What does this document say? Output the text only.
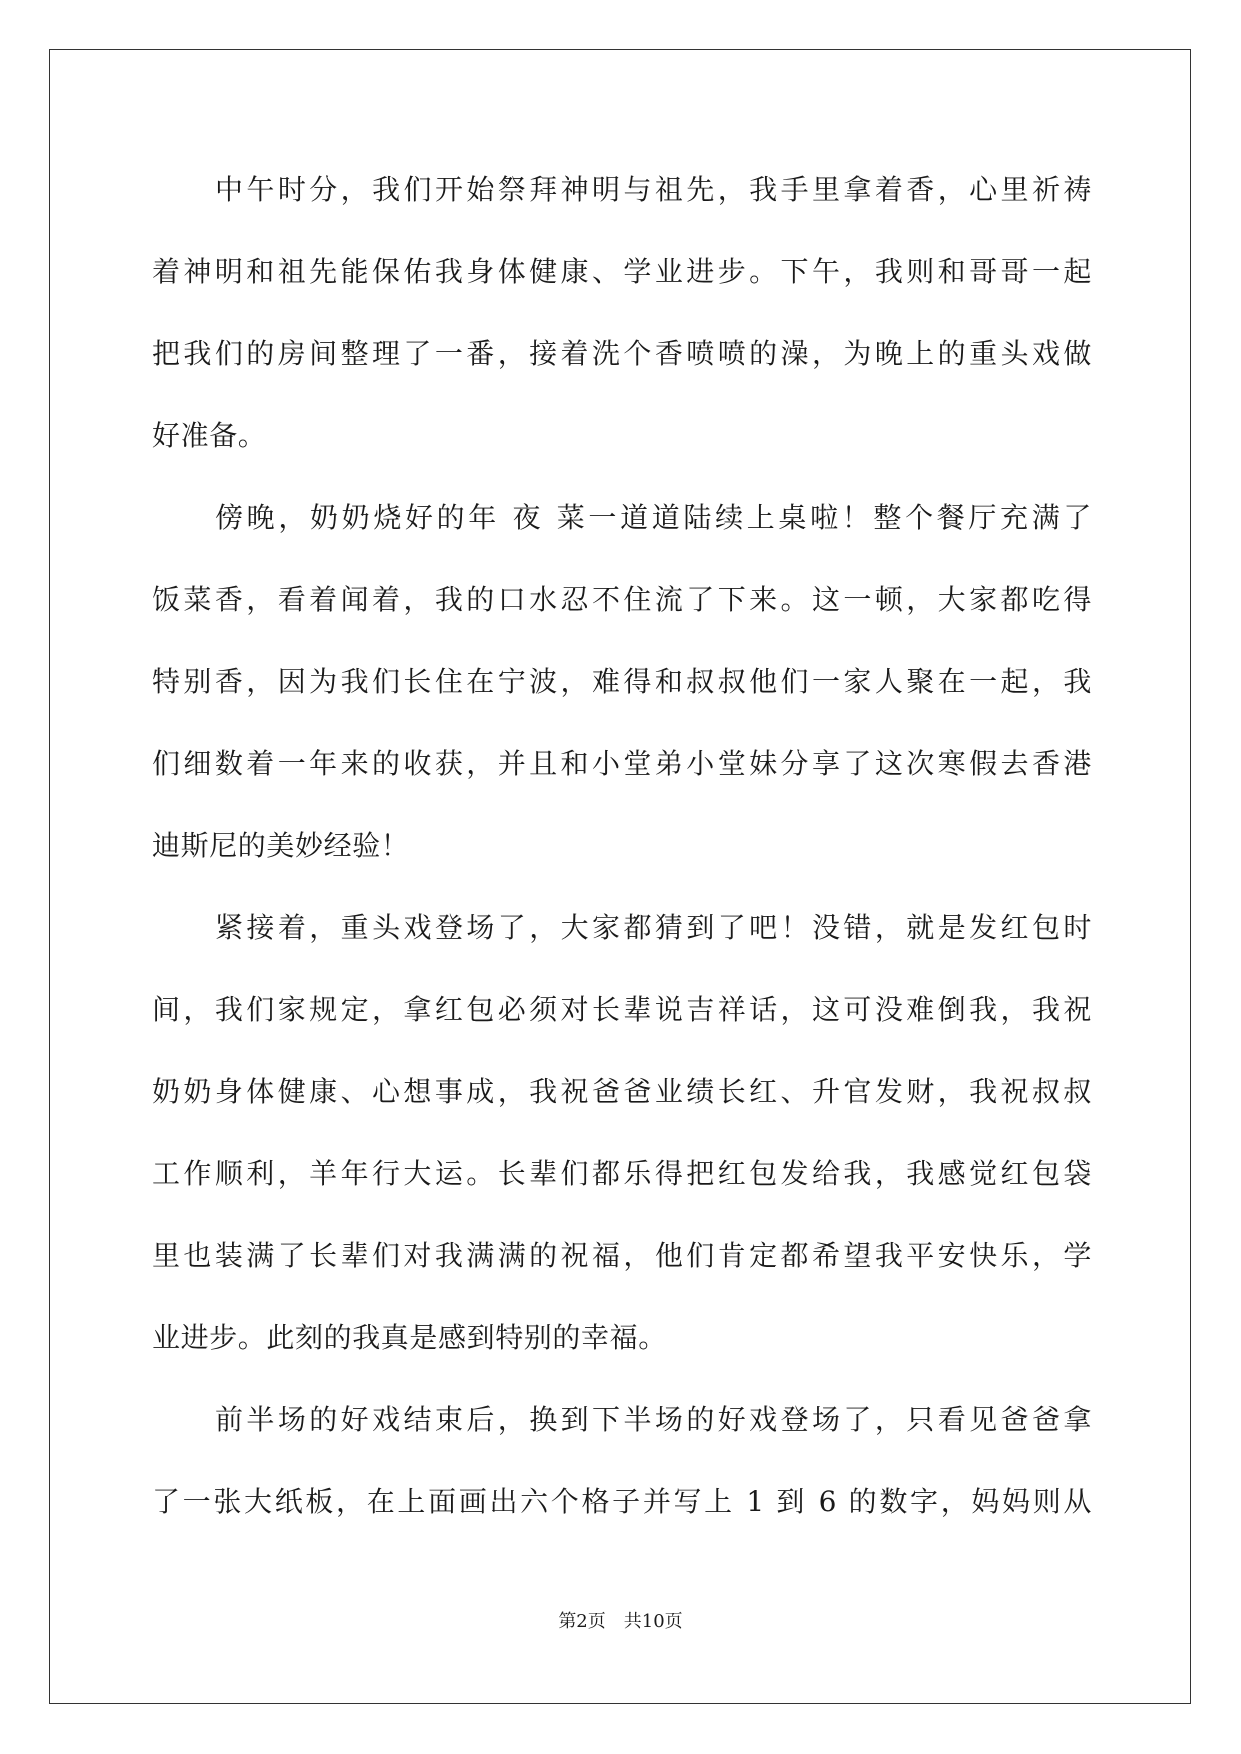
中午时分，我们开始祭拜神明与祖先，我手里拿着香，心里祈祷
着神明和祖先能保佑我身体健康、学业进步。下午，我则和哥哥一起
把我们的房间整理了一番，接着洗个香喷喷的澡，为晚上的重头戏做
好准备。
傍晚，奶奶烧好的年 夜 菜一道道陆续上桌啦！整个餐厅充满了
饭菜香，看着闻着，我的口水忍不住流了下来。这一顿，大家都吃得
特别香，因为我们长住在宁波，难得和叔叔他们一家人聚在一起，我
们细数着一年来的收获，并且和小堂弟小堂妹分享了这次寒假去香港
迪斯尼的美妙经验！
紧接着，重头戏登场了，大家都猜到了吧！没错，就是发红包时
间，我们家规定，拿红包必须对长辈说吉祥话，这可没难倒我，我祝
奶奶身体健康、心想事成，我祝爸爸业绩长红、升官发财，我祝叔叔
工作顺利，羊年行大运。长辈们都乐得把红包发给我，我感觉红包袋
里也装满了长辈们对我满满的祝福，他们肯定都希望我平安快乐，学
业进步。此刻的我真是感到特别的幸福。
前半场的好戏结束后，换到下半场的好戏登场了，只看见爸爸拿
了一张大纸板，在上面画出六个格子并写上 1 到 6 的数字，妈妈则从
第2页 共10页
